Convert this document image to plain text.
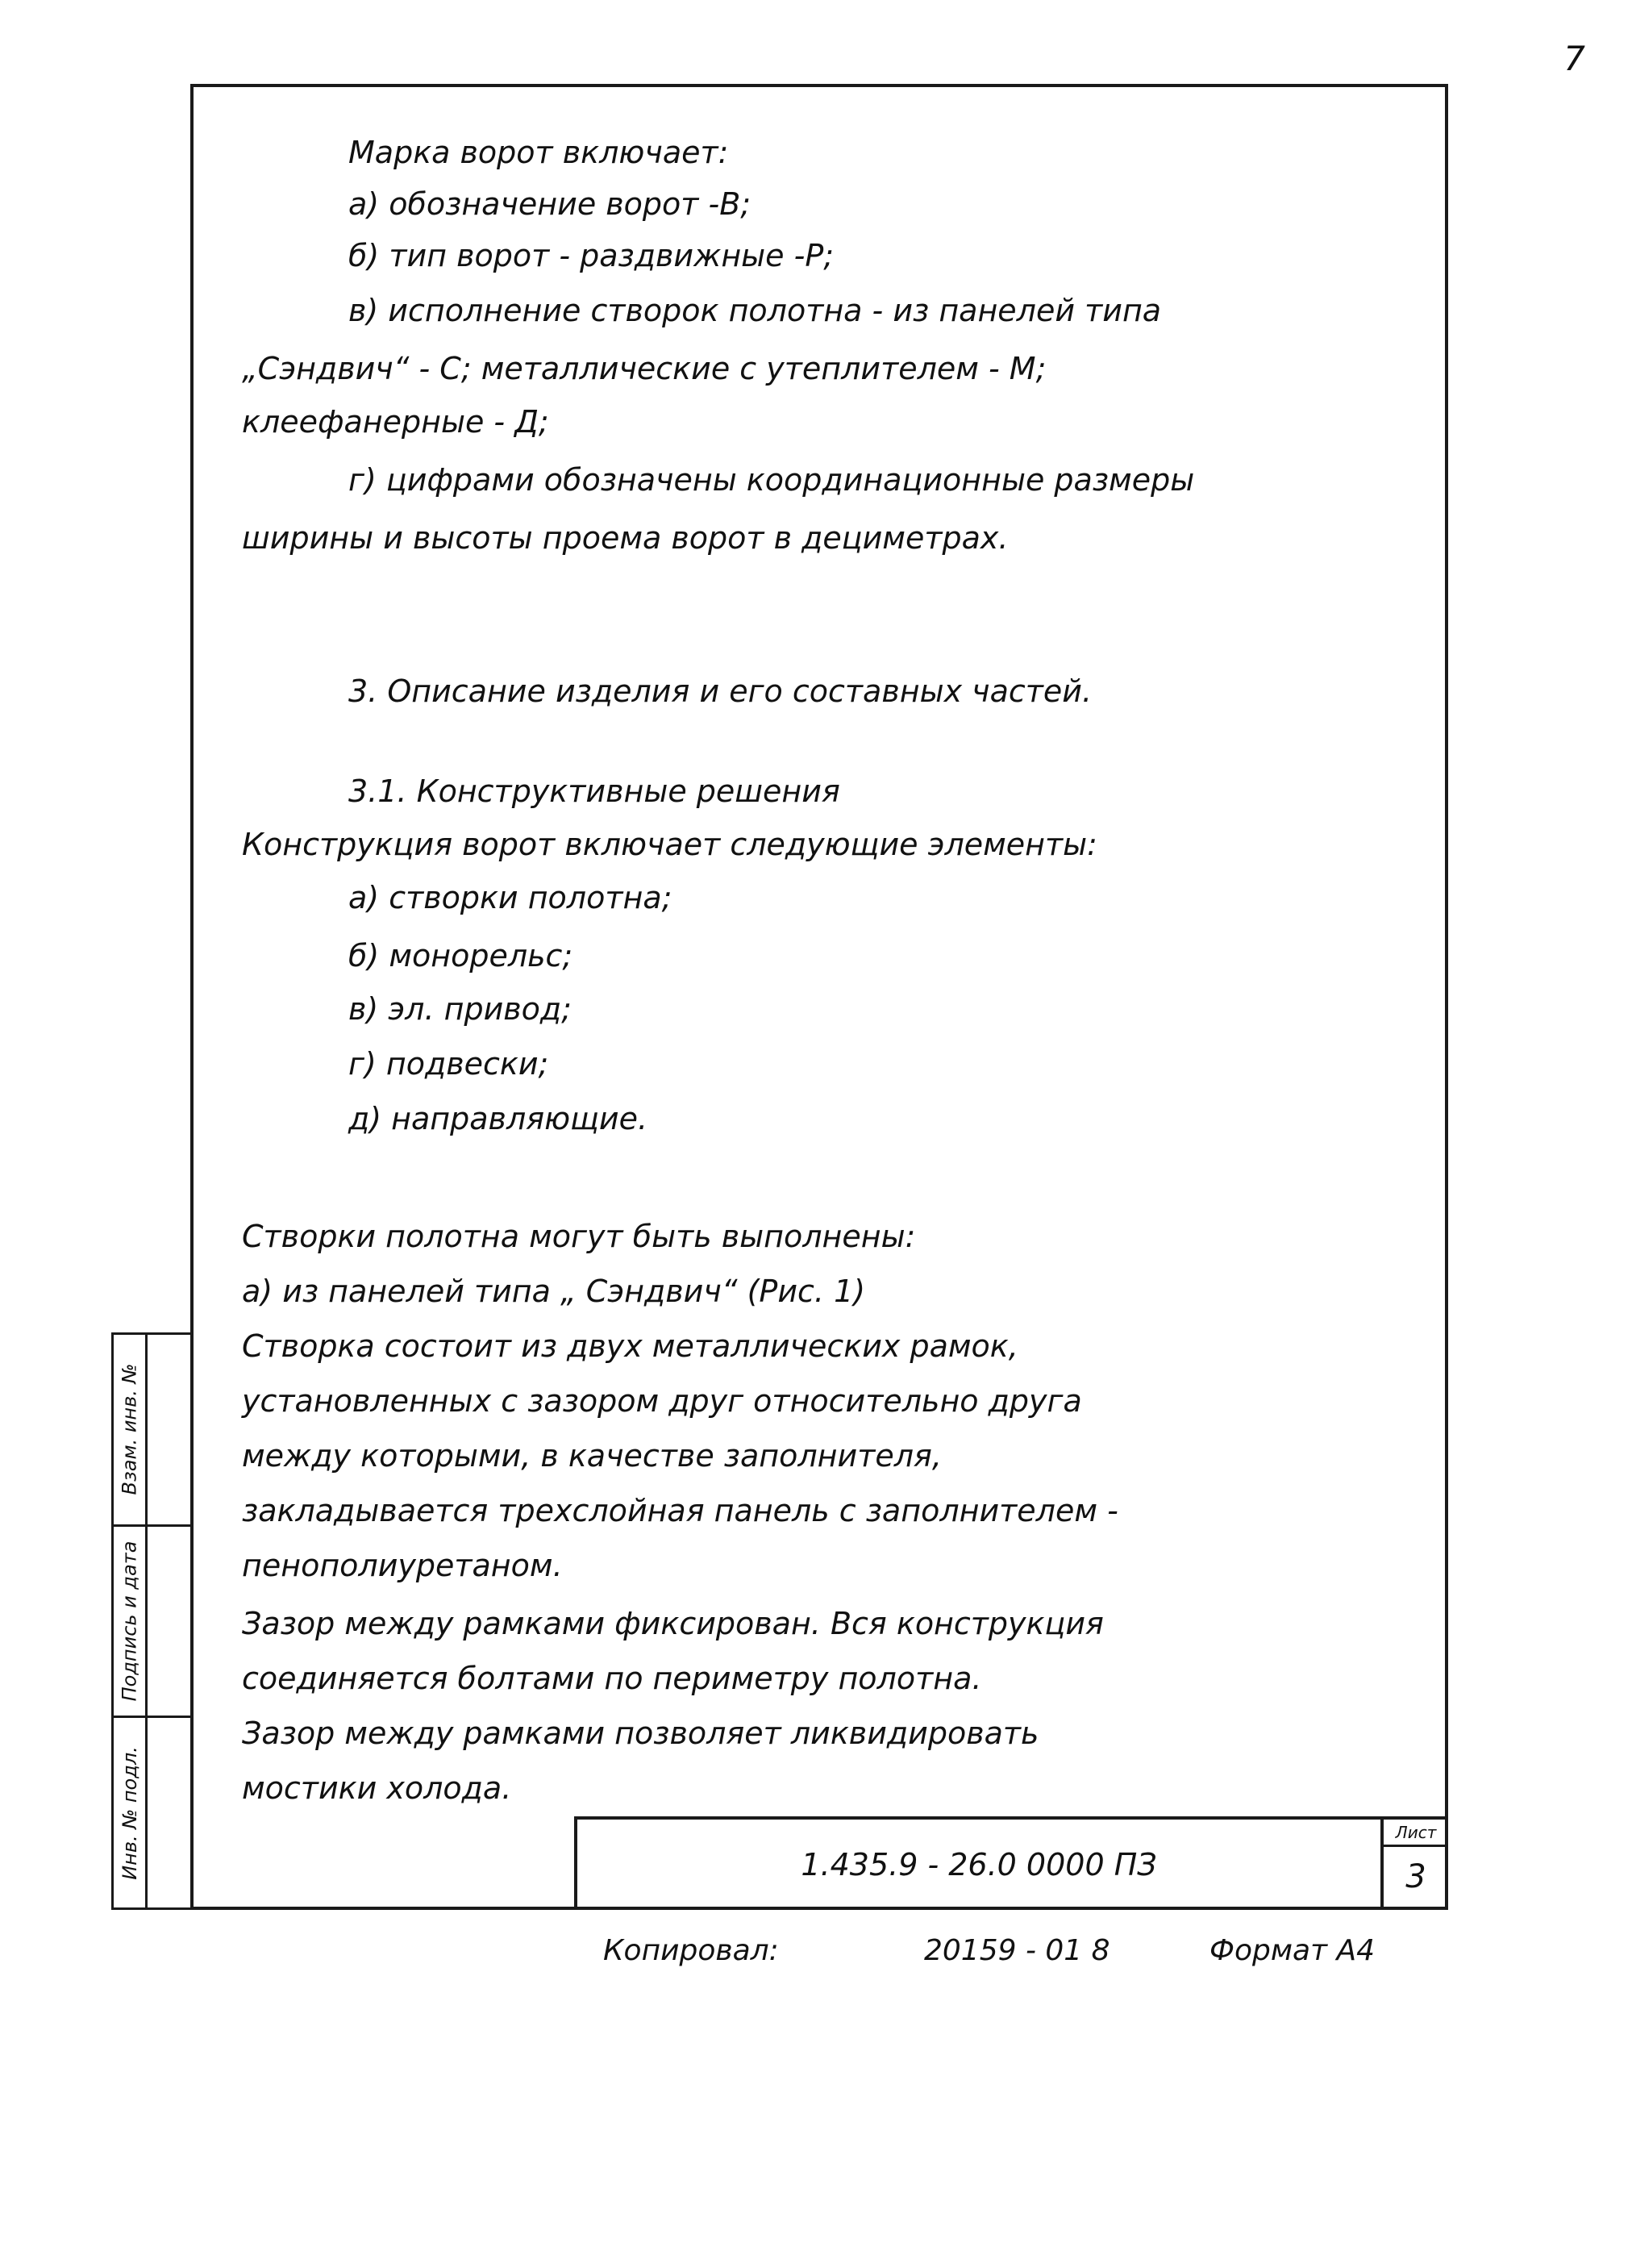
7
Взам. инв. №
Подпись и дата
Инв. № подл.
Марка ворот включает:
а) обозначение ворот -В;
б) тип ворот - раздвижные -Р;
в) исполнение створок полотна - из панелей типа
„Сэндвич“ - С; металлические с утеплителем - М;
клеефанерные - Д;
г) цифрами обозначены координационные размеры
ширины и высоты проема ворот в дециметрах.
3. Описание изделия и его составных частей.
3.1. Конструктивные решения
Конструкция ворот включает следующие элементы:
а) створки полотна;
б) монорельс;
в) эл. привод;
г) подвески;
д) направляющие.
Створки полотна могут быть выполнены:
а) из панелей типа „ Сэндвич“ (Рис. 1)
Створка состоит из двух металлических рамок,
установленных с зазором друг относительно друга
между которыми, в качестве заполнителя,
закладывается трехслойная панель с заполнителем -
пенополиуретаном.
Зазор между рамками фиксирован. Вся конструкция
соединяется болтами по периметру полотна.
Зазор между рамками позволяет ликвидировать
мостики холода.
1.435.9 - 26.0 0000 ПЗ
Лист
3
Копировал:	20159 - 01 8	Формат А4
